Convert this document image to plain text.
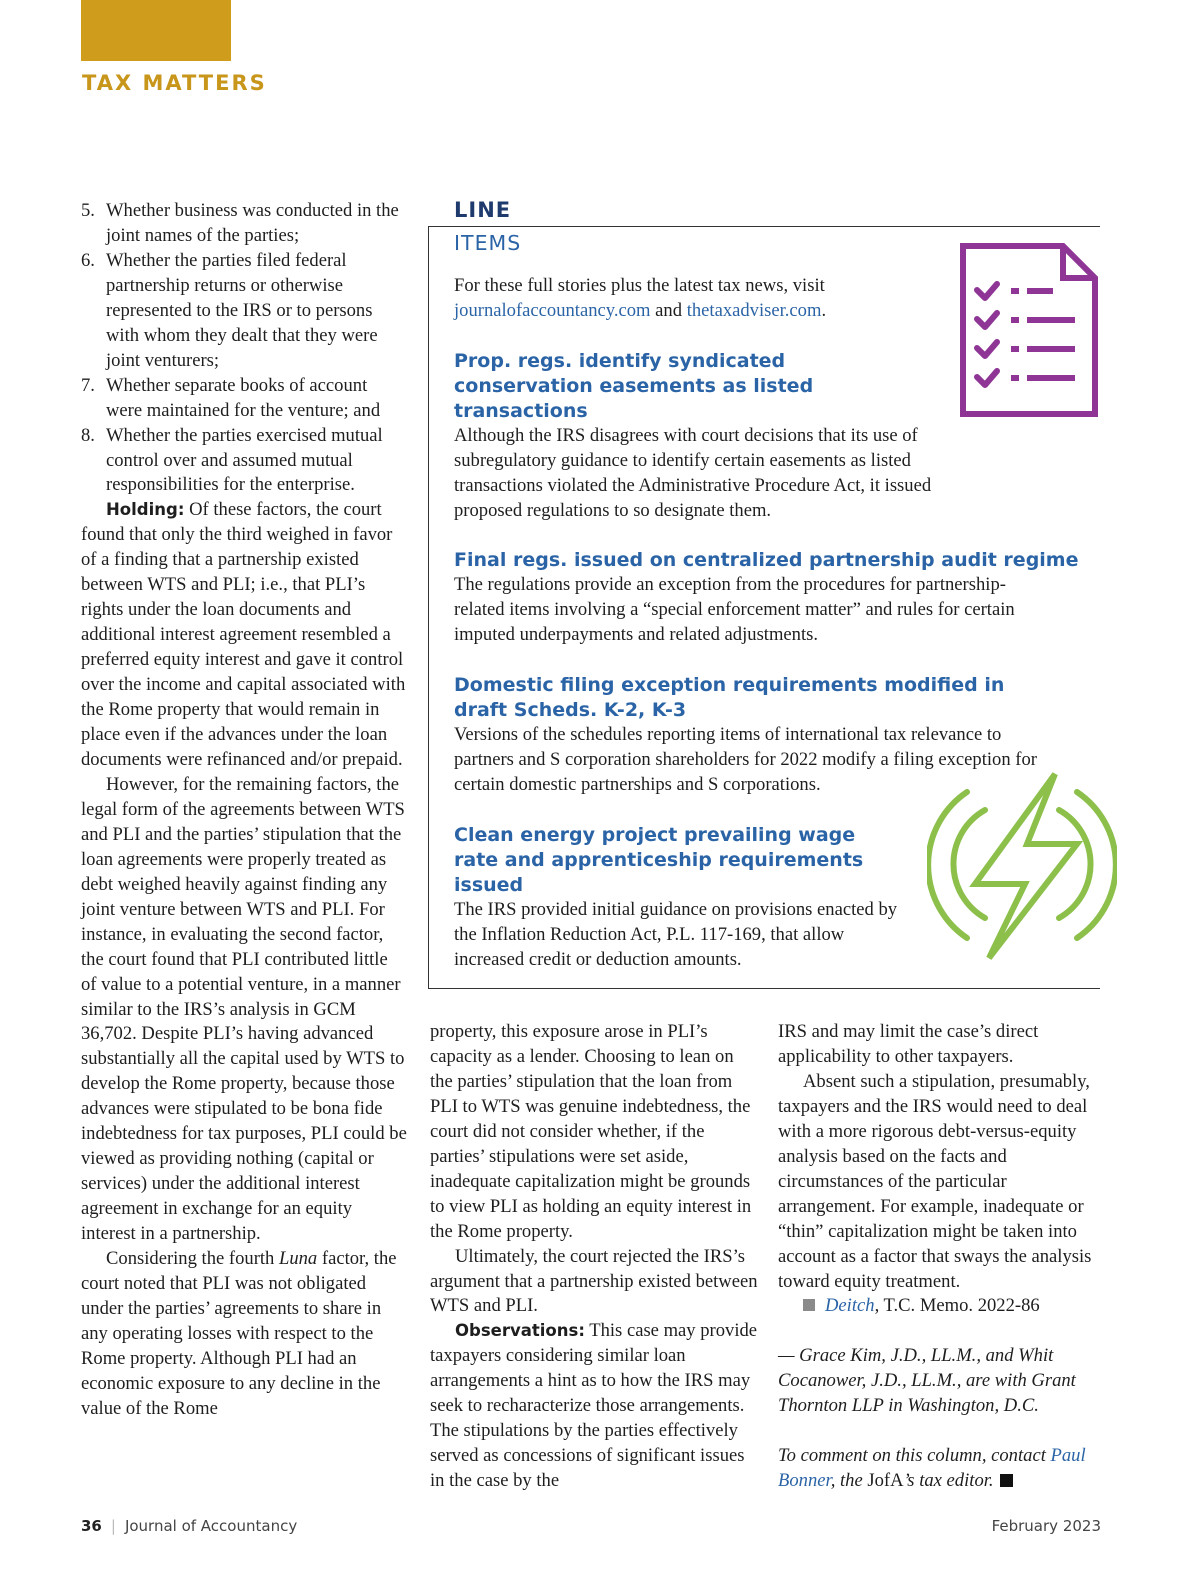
TAX MATTERS
5. Whether business was conducted in the joint names of the parties;
6. Whether the parties filed federal partnership returns or otherwise represented to the IRS or to persons with whom they dealt that they were joint venturers;
7. Whether separate books of account were maintained for the venture; and
8. Whether the parties exercised mutual control over and assumed mutual responsibilities for the enterprise.

Holding: Of these factors, the court found that only the third weighed in favor of a finding that a partnership existed between WTS and PLI; i.e., that PLI’s rights under the loan documents and additional interest agreement resembled a preferred equity interest and gave it control over the income and capital associated with the Rome property that would remain in place even if the advances under the loan documents were refinanced and/or prepaid.

However, for the remaining factors, the legal form of the agreements between WTS and PLI and the parties’ stipulation that the loan agreements were properly treated as debt weighed heavily against finding any joint venture between WTS and PLI. For instance, in evaluating the second factor, the court found that PLI contributed little of value to a potential venture, in a manner similar to the IRS’s analysis in GCM 36,702. Despite PLI’s having advanced substantially all the capital used by WTS to develop the Rome property, because those advances were stipulated to be bona fide indebtedness for tax purposes, PLI could be viewed as providing nothing (capital or services) under the additional interest agreement in exchange for an equity interest in a partnership.

Considering the fourth Luna factor, the court noted that PLI was not obligated under the parties’ agreements to share in any operating losses with respect to the Rome property. Although PLI had an economic exposure to any decline in the value of the Rome

LINE
ITEMS

For these full stories plus the latest tax news, visit
journalofaccountancy.com and thetaxadviser.com.

Prop. regs. identify syndicated conservation easements as listed transactions

Although the IRS disagrees with court decisions that its use of subregulatory guidance to identify certain easements as listed transactions violated the Administrative Procedure Act, it issued proposed regulations to so designate them.

Final regs. issued on centralized partnership audit regime

The regulations provide an exception from the procedures for partnership-related items involving a “special enforcement matter” and rules for certain imputed underpayments and related adjustments.

Domestic filing exception requirements modified in draft Scheds. K-2, K-3

Versions of the schedules reporting items of international tax relevance to partners and S corporation shareholders for 2022 modify a filing exception for certain domestic partnerships and S corporations.

Clean energy project prevailing wage rate and apprenticeship requirements issued

The IRS provided initial guidance on provisions enacted by the Inflation Reduction Act, P.L. 117-169, that allow increased credit or deduction amounts.

property, this exposure arose in PLI’s capacity as a lender. Choosing to lean on the parties’ stipulation that the loan from PLI to WTS was genuine indebtedness, the court did not consider whether, if the parties’ stipulations were set aside, inadequate capitalization might be grounds to view PLI as holding an equity interest in the Rome property.

Ultimately, the court rejected the IRS’s argument that a partnership existed between WTS and PLI.

Observations: This case may provide taxpayers considering similar loan arrangements a hint as to how the IRS may seek to recharacterize those arrangements. The stipulations by the parties effectively served as concessions of significant issues in the case by the

IRS and may limit the case’s direct applicability to other taxpayers.

Absent such a stipulation, presumably, taxpayers and the IRS would need to deal with a more rigorous debt-versus-equity analysis based on the facts and circumstances of the particular arrangement. For example, inadequate or “thin” capitalization might be taken into account as a factor that sways the analysis toward equity treatment.

Deitch, T.C. Memo. 2022-86

— Grace Kim, J.D., LL.M., and Whit Cocanower, J.D., LL.M., are with Grant Thornton LLP in Washington, D.C.

To comment on this column, contact Paul Bonner, the JofA’s tax editor.

36 | Journal of Accountancy	February 2023
